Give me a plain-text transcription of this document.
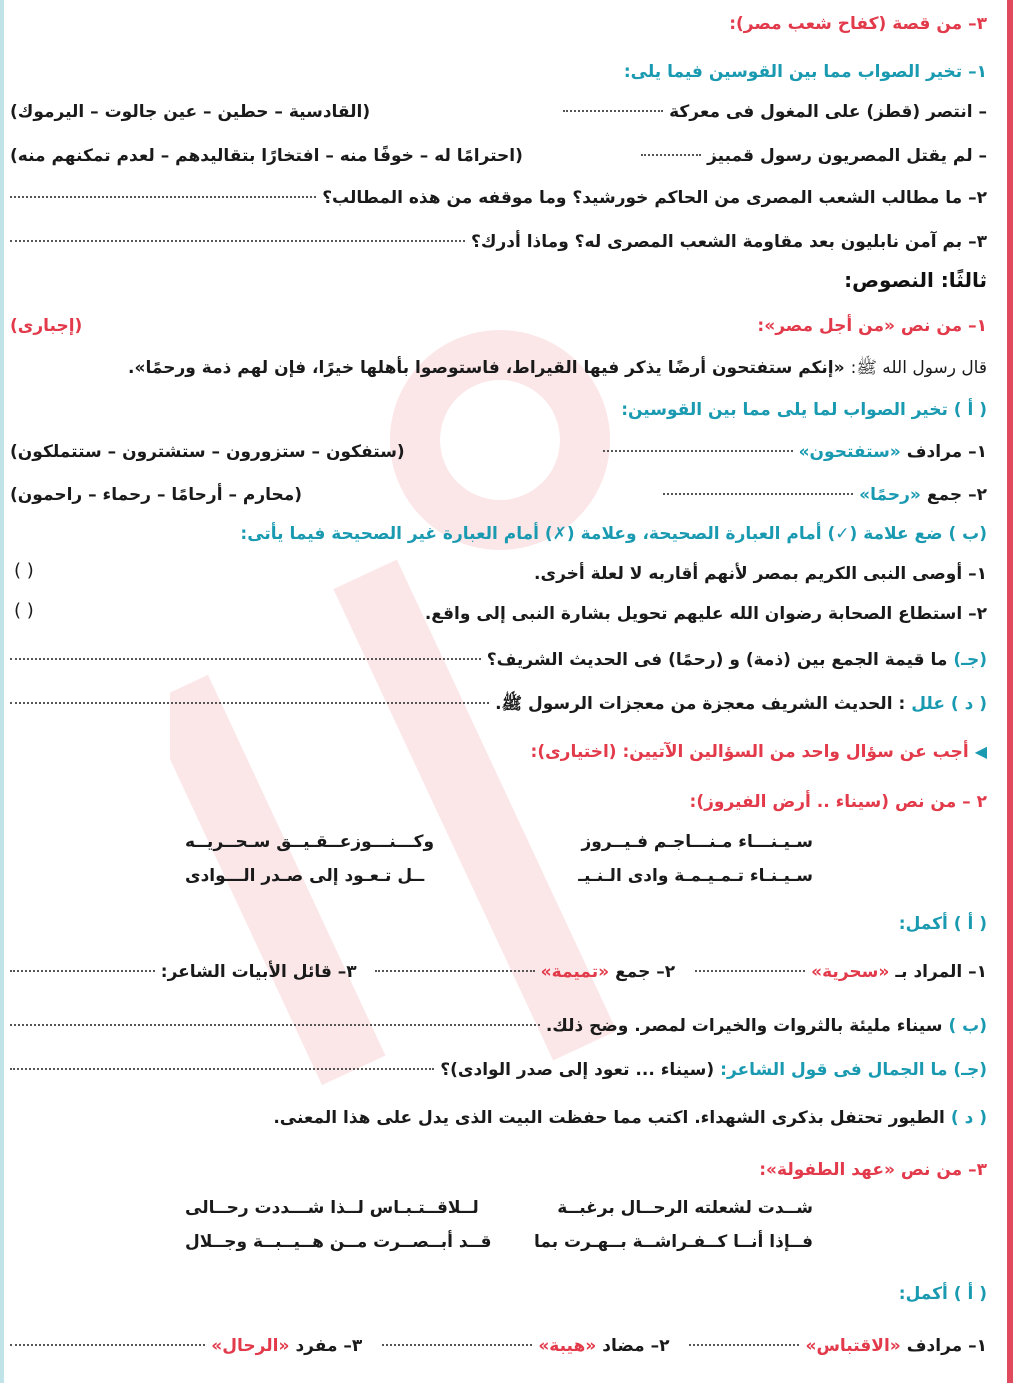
٣– من قصة (كفاح شعب مصر):
١– تخير الصواب مما بين القوسين فيما يلى:
– انتصر (قطز) على المغول فى معركة
(القادسية – حطين – عين جالوت – اليرموك)
– لم يقتل المصريون رسول قمبيز
(احترامًا له – خوفًا منه – افتخارًا بتقاليدهم – لعدم تمكنهم منه)
٢– ما مطالب الشعب المصرى من الحاكم خورشيد؟ وما موقفه من هذه المطالب؟
٣– بم آمن نابليون بعد مقاومة الشعب المصرى له؟ وماذا أدرك؟
ثالثًا: النصوص:
١– من نص «من أجل مصر»:
(إجبارى)
قال رسول الله ﷺ:
«إنكم ستفتحون أرضًا يذكر فيها القيراط، فاستوصوا بأهلها خيرًا، فإن لهم ذمة ورحمًا».
( أ ) تخير الصواب لما يلى مما بين القوسين:
١– مرادف
«ستفتحون»
(ستفكون – ستزورون – ستشترون – ستتملكون)
٢– جمع
«رحمًا»
(محارم – أرحامًا – رحماء – راحمون)
(ب ) ضع علامة (✓) أمام العبارة الصحيحة، وعلامة (✗) أمام العبارة غير الصحيحة فيما يأتى:
١– أوصى النبى الكريم بمصر لأنهم أقاربه لا لعلة أخرى.
( )
٢– استطاع الصحابة رضوان الله عليهم تحويل بشارة النبى إلى واقع.
( )
(جـ)
ما قيمة الجمع بين (ذمة) و (رحمًا) فى الحديث الشريف؟
( د ) علل
: الحديث الشريف معجزة من معجزات الرسول ﷺ.
◀
أجب عن سؤال واحد من السؤالين الآتيين: (اختيارى):
٢ – من نص (سيناء .. أرض الفيروز):
سـيـنـــاء مـنـــاجـم فـيــروز
وكـــنـــوزعــقـيــق سـحــريــه
سـيـنـاء تـمـيـمـة وادى الـنـيـ
ــل تـعـود إلى صـدر الـــوادى
( أ ) أكمل:
١– المراد بـ
«سحرية»
٢– جمع
«تميمة»
٣– قائل الأبيات الشاعر:
(ب )
سيناء مليئة بالثروات والخيرات لمصر. وضح ذلك.
(جـ) ما الجمال فى قول الشاعر:
(سيناء ... تعود إلى صدر الوادى)؟
( د )
الطيور تحتفل بذكرى الشهداء. اكتب مما حفظت البيت الذى يدل على هذا المعنى.
٣– من نص «عهد الطفولة»:
شــدت لشعلته الرحــال برغبــة
لــلاقــتـبـاس لــذا شـــددت رحــالى
فــإذا أنــا كــفـراشــة بــهـرت بما
قــد أبــصــرت مــن هــيــبــة وجــلال
( أ ) أكمل:
١– مرادف
«الاقتباس»
٢– مضاد
«هيبة»
٣– مفرد
«الرحال»
